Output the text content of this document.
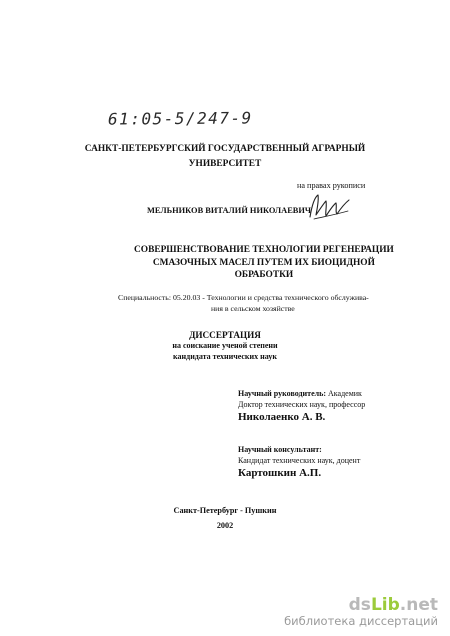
61:05-5/247-9
САНКТ-ПЕТЕРБУРГСКИЙ ГОСУДАРСТВЕННЫЙ АГРАРНЫЙ
УНИВЕРСИТЕТ
на правах рукописи
МЕЛЬНИКОВ ВИТАЛИЙ НИКОЛАЕВИЧ
СОВЕРШЕНСТВОВАНИЕ ТЕХНОЛОГИИ РЕГЕНЕРАЦИИ
СМАЗОЧНЫХ МАСЕЛ ПУТЕМ ИХ БИОЦИДНОЙ
ОБРАБОТКИ
Специальность: 05.20.03 - Технологии и средства технического обслужива-
ния в сельском хозяйстве
ДИССЕРТАЦИЯ
на соискание ученой степени
кандидата технических наук
Научный руководитель: Академик
Доктор технических наук, профессор
Николаенко А. В.
Научный консультант:
Кандидат технических наук, доцент
Картошкин А.П.
Санкт-Петербург - Пушкин
2002
dsLib.net
библиотека диссертаций
